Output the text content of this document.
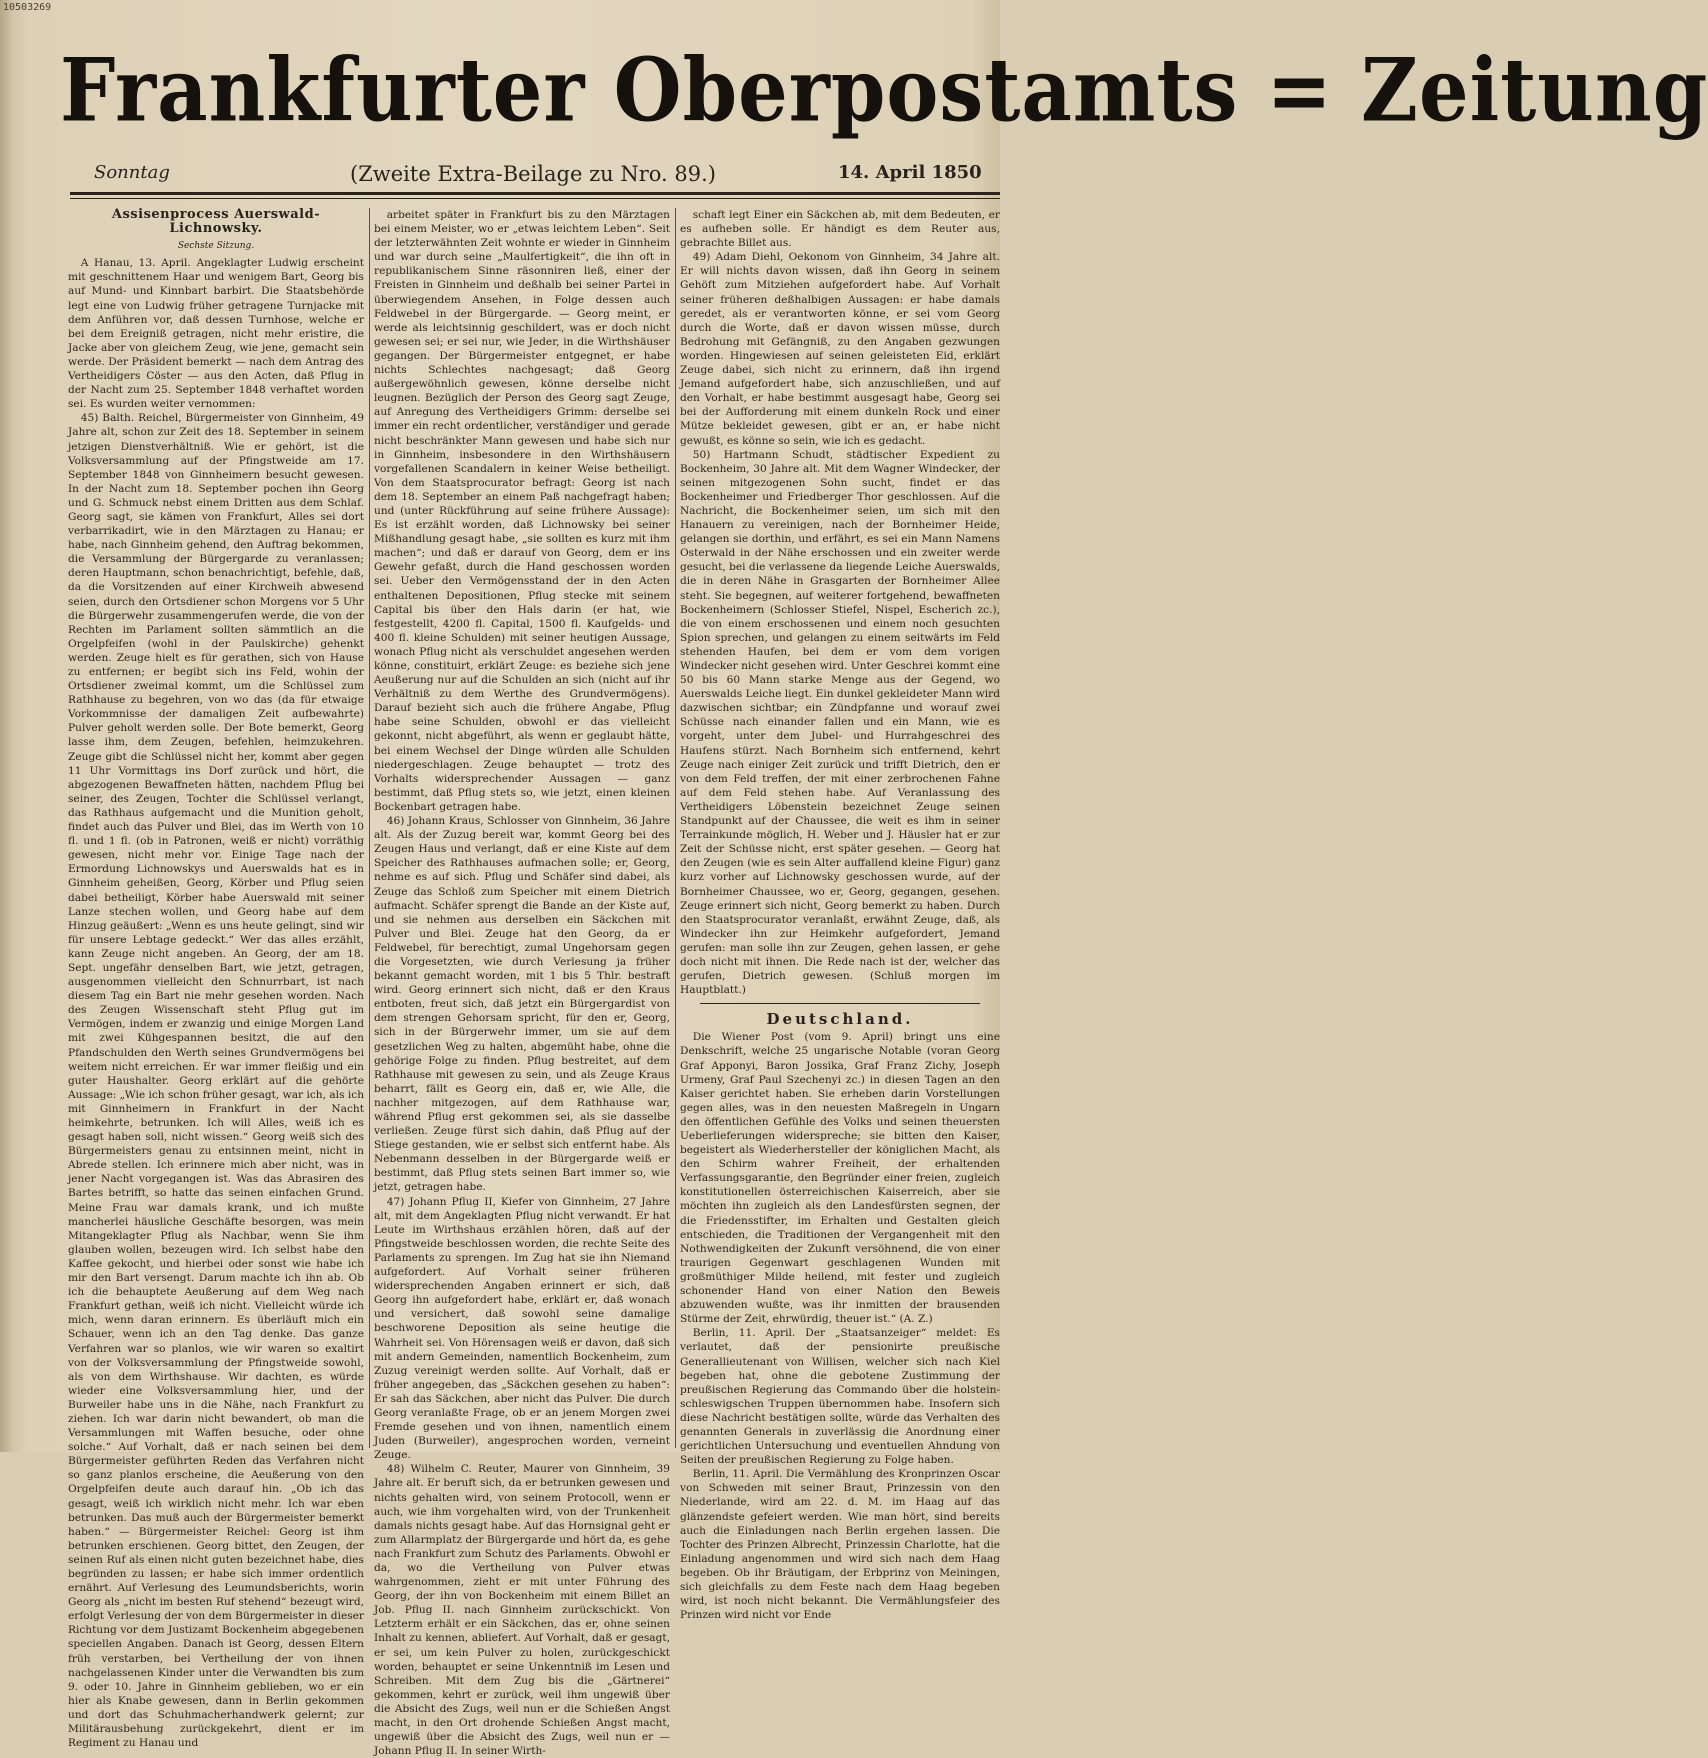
10503269
Frankfurter Oberpostamts = Zeitung
Sonntag	(Zweite Extra-Beilage zu Nro. 89.)	14. April 1850
Assisenprocess Auerswald-Lichnowsky.
Sechste Sitzung.

A Hanau, 13. April. Angeklagter Ludwig erscheint mit geschnittenem Haar und wenigem Bart, Georg bis auf Mund- und Kinnbart barbirt. Die Staatsbehörde legt eine von Ludwig früher getragene Turnjacke mit dem Anführen vor, daß dessen Turnhose, welche er bei dem Ereigniß getragen, nicht mehr eristire, die Jacke aber von gleichem Zeug, wie jene, gemacht sein werde. Der Präsident bemerkt — nach dem Antrag des Vertheidigers Cöster — aus den Acten, daß Pflug in der Nacht zum 25. September 1848 verhaftet worden sei. Es wurden weiter vernommen:

45) Balth. Reichel, Bürgermeister von Ginnheim, 49 Jahre alt, schon zur Zeit des 18. September in seinem jetzigen Dienstverhältniß. Wie er gehört, ist die Volksversammlung auf der Pfingstweide am 17. September 1848 von Ginnheimern besucht gewesen. In der Nacht zum 18. September pochen ihn Georg und G. Schmuck nebst einem Dritten aus dem Schlaf. Georg sagt, sie kämen von Frankfurt, Alles sei dort verbarrikadirt, wie in den Märztagen zu Hanau; er habe, nach Ginnheim gehend, den Auftrag bekommen, die Versammlung der Bürgergarde zu veranlassen; deren Hauptmann, schon benachrichtigt, befehle, daß, da die Vorsitzenden auf einer Kirchweih abwesend seien, durch den Ortsdiener schon Morgens vor 5 Uhr die Bürgerwehr zusammengerufen werde, die von der Rechten im Parlament sollten sämmtlich an die Orgelpfeifen (wohl in der Paulskirche) gehenkt werden. Zeuge hielt es für gerathen, sich von Hause zu entfernen; er begibt sich ins Feld, wohin der Ortsdiener zweimal kommt, um die Schlüssel zum Rathhause zu begehren, von wo das (da für etwaige Vorkommnisse der damaligen Zeit aufbewahrte) Pulver geholt werden solle. Der Bote bemerkt, Georg lasse ihm, dem Zeugen, befehlen, heimzukehren. Zeuge gibt die Schlüssel nicht her, kommt aber gegen 11 Uhr Vormittags ins Dorf zurück und hört, die abgezogenen Bewaffneten hätten, nachdem Pflug bei seiner, des Zeugen, Tochter die Schlüssel verlangt, das Rathhaus aufgemacht und die Munition geholt, findet auch das Pulver und Blei, das im Werth von 10 fl. und 1 fl. (ob in Patronen, weiß er nicht) vorräthig gewesen, nicht mehr vor. Einige Tage nach der Ermordung Lichnowskys und Auerswalds hat es in Ginnheim geheißen, Georg, Körber und Pflug seien dabei betheiligt, Körber habe Auerswald mit seiner Lanze stechen wollen, und Georg habe auf dem Hinzug geäußert: „Wenn es uns heute gelingt, sind wir für unsere Lebtage gedeckt.“ Wer das alles erzählt, kann Zeuge nicht angeben. An Georg, der am 18. Sept. ungefähr denselben Bart, wie jetzt, getragen, ausgenommen vielleicht den Schnurrbart, ist nach diesem Tag ein Bart nie mehr gesehen worden. Nach des Zeugen Wissenschaft steht Pflug gut im Vermögen, indem er zwanzig und einige Morgen Land mit zwei Kühgespannen besitzt, die auf den Pfandschulden den Werth seines Grundvermögens bei weitem nicht erreichen. Er war immer fleißig und ein guter Haushalter. Georg erklärt auf die gehörte Aussage: „Wie ich schon früher gesagt, war ich, als ich mit Ginnheimern in Frankfurt in der Nacht heimkehrte, betrunken. Ich will Alles, weiß ich es gesagt haben soll, nicht wissen.“ Georg weiß sich des Bürgermeisters genau zu entsinnen meint, nicht in Abrede stellen. Ich erinnere mich aber nicht, was in jener Nacht vorgegangen ist. Was das Abrasiren des Bartes betrifft, so hatte das seinen einfachen Grund. Meine Frau war damals krank, und ich mußte mancherlei häusliche Geschäfte besorgen, was mein Mitangeklagter Pflug als Nachbar, wenn Sie ihm glauben wollen, bezeugen wird. Ich selbst habe den Kaffee gekocht, und hierbei oder sonst wie habe ich mir den Bart versengt. Darum machte ich ihn ab. Ob ich die behauptete Aeußerung auf dem Weg nach Frankfurt gethan, weiß ich nicht. Vielleicht würde ich mich, wenn daran erinnern. Es überläuft mich ein Schauer, wenn ich an den Tag denke. Das ganze Verfahren war so planlos, wie wir waren so exaltirt von der Volksversammlung der Pfingstweide sowohl, als von dem Wirthshause. Wir dachten, es würde wieder eine Volksversammlung hier, und der Burweiler habe uns in die Nähe, nach Frankfurt zu ziehen. Ich war darin nicht bewandert, ob man die Versammlungen mit Waffen besuche, oder ohne solche.“ Auf Vorhalt, daß er nach seinen bei dem Bürgermeister geführten Reden das Verfahren nicht so ganz planlos erscheine, die Aeußerung von den Orgelpfeifen deute auch darauf hin. „Ob ich das gesagt, weiß ich wirklich nicht mehr. Ich war eben betrunken. Das muß auch der Bürgermeister bemerkt haben.“ — Bürgermeister Reichel: Georg ist ihm betrunken erschienen. Georg bittet, den Zeugen, der seinen Ruf als einen nicht guten bezeichnet habe, dies begründen zu lassen; er habe sich immer ordentlich ernährt. Auf Verlesung des Leumundsberichts, worin Georg als „nicht im besten Ruf stehend“ bezeugt wird, erfolgt Verlesung der von dem Bürgermeister in dieser Richtung vor dem Justizamt Bockenheim abgegebenen speciellen Angaben. Danach ist Georg, dessen Eltern früh verstarben, bei Vertheilung der von ihnen nachgelassenen Kinder unter die Verwandten bis zum 9. oder 10. Jahre in Ginnheim geblieben, wo er ein hier als Knabe gewesen, dann in Berlin gekommen und dort das Schuhmacherhandwerk gelernt; zur Militärausbehung zurückgekehrt, dient er im Regiment zu Hanau und

arbeitet später in Frankfurt bis zu den Märztagen bei einem Meister, wo er „etwas leichtem Leben“. Seit der letzterwähnten Zeit wohnte er wieder in Ginnheim und war durch seine „Maulfertigkeit“, die ihn oft in republikanischem Sinne räsonniren ließ, einer der Freisten in Ginnheim und deßhalb bei seiner Partei in überwiegendem Ansehen, in Folge dessen auch Feldwebel in der Bürgergarde. — Georg meint, er werde als leichtsinnig geschildert, was er doch nicht gewesen sei; er sei nur, wie Jeder, in die Wirthshäuser gegangen. Der Bürgermeister entgegnet, er habe nichts Schlechtes nachgesagt; daß Georg außergewöhnlich gewesen, könne derselbe nicht leugnen. Bezüglich der Person des Georg sagt Zeuge, auf Anregung des Vertheidigers Grimm: derselbe sei immer ein recht ordentlicher, verständiger und gerade nicht beschränkter Mann gewesen und habe sich nur in Ginnheim, insbesondere in den Wirthshäusern vorgefallenen Scandalern in keiner Weise betheiligt. Von dem Staatsprocurator befragt: Georg ist nach dem 18. September an einem Paß nachgefragt haben; und (unter Rückführung auf seine frühere Aussage): Es ist erzählt worden, daß Lichnowsky bei seiner Mißhandlung gesagt habe, „sie sollten es kurz mit ihm machen“; und daß er darauf von Georg, dem er ins Gewehr gefaßt, durch die Hand geschossen worden sei. Ueber den Vermögensstand der in den Acten enthaltenen Depositionen, Pflug stecke mit seinem Capital bis über den Hals darin (er hat, wie festgestellt, 4200 fl. Capital, 1500 fl. Kaufgelds- und 400 fl. kleine Schulden) mit seiner heutigen Aussage, wonach Pflug nicht als verschuldet angesehen werden könne, constituirt, erklärt Zeuge: es beziehe sich jene Aeußerung nur auf die Schulden an sich (nicht auf ihr Verhältniß zu dem Werthe des Grundvermögens). Darauf bezieht sich auch die frühere Angabe, Pflug habe seine Schulden, obwohl er das vielleicht gekonnt, nicht abgeführt, als wenn er geglaubt hätte, bei einem Wechsel der Dinge würden alle Schulden niedergeschlagen. Zeuge behauptet — trotz des Vorhalts widersprechender Aussagen — ganz bestimmt, daß Pflug stets so, wie jetzt, einen kleinen Bockenbart getragen habe.

46) Johann Kraus, Schlosser von Ginnheim, 36 Jahre alt. Als der Zuzug bereit war, kommt Georg bei des Zeugen Haus und verlangt, daß er eine Kiste auf dem Speicher des Rathhauses aufmachen solle; er, Georg, nehme es auf sich. Pflug und Schäfer sind dabei, als Zeuge das Schloß zum Speicher mit einem Dietrich aufmacht. Schäfer sprengt die Bande an der Kiste auf, und sie nehmen aus derselben ein Säckchen mit Pulver und Blei. Zeuge hat den Georg, da er Feldwebel, für berechtigt, zumal Ungehorsam gegen die Vorgesetzten, wie durch Verlesung ja früher bekannt gemacht worden, mit 1 bis 5 Thlr. bestraft wird. Georg erinnert sich nicht, daß er den Kraus entboten, freut sich, daß jetzt ein Bürgergardist von dem strengen Gehorsam spricht, für den er, Georg, sich in der Bürgerwehr immer, um sie auf dem gesetzlichen Weg zu halten, abgemüht habe, ohne die gehörige Folge zu finden. Pflug bestreitet, auf dem Rathhause mit gewesen zu sein, und als Zeuge Kraus beharrt, fällt es Georg ein, daß er, wie Alle, die nachher mitgezogen, auf dem Rathhause war, während Pflug erst gekommen sei, als sie dasselbe verließen. Zeuge fürst sich dahin, daß Pflug auf der Stiege gestanden, wie er selbst sich entfernt habe. Als Nebenmann desselben in der Bürgergarde weiß er bestimmt, daß Pflug stets seinen Bart immer so, wie jetzt, getragen habe.

47) Johann Pflug II, Kiefer von Ginnheim, 27 Jahre alt, mit dem Angeklagten Pflug nicht verwandt. Er hat Leute im Wirthshaus erzählen hören, daß auf der Pfingstweide beschlossen worden, die rechte Seite des Parlaments zu sprengen. Im Zug hat sie ihn Niemand aufgefordert. Auf Vorhalt seiner früheren widersprechenden Angaben erinnert er sich, daß Georg ihn aufgefordert habe, erklärt er, daß wonach und versichert, daß sowohl seine damalige beschworene Deposition als seine heutige die Wahrheit sei. Von Hörensagen weiß er davon, daß sich mit andern Gemeinden, namentlich Bockenheim, zum Zuzug vereinigt werden sollte. Auf Vorhalt, daß er früher angegeben, das „Säckchen gesehen zu haben“: Er sah das Säckchen, aber nicht das Pulver. Die durch Georg veranlaßte Frage, ob er an jenem Morgen zwei Fremde gesehen und von ihnen, namentlich einem Juden (Burweiler), angesprochen worden, verneint Zeuge.

48) Wilhelm C. Reuter, Maurer von Ginnheim, 39 Jahre alt. Er beruft sich, da er betrunken gewesen und nichts gehalten wird, von seinem Protocoll, wenn er auch, wie ihm vorgehalten wird, von der Trunkenheit damals nichts gesagt habe. Auf das Hornsignal geht er zum Allarmplatz der Bürgergarde und hört da, es gehe nach Frankfurt zum Schutz des Parlaments. Obwohl er da, wo die Vertheilung von Pulver etwas wahrgenommen, zieht er mit unter Führung des Georg, der ihn von Bockenheim mit einem Billet an Job. Pflug II. nach Ginnheim zurückschickt. Von Letzterm erhält er ein Säckchen, das er, ohne seinen Inhalt zu kennen, abliefert. Auf Vorhalt, daß er gesagt, er sei, um kein Pulver zu holen, zurückgeschickt worden, behauptet er seine Unkenntniß im Lesen und Schreiben. Mit dem Zug bis die „Gärtnerei“ gekommen, kehrt er zurück, weil ihm ungewiß über die Absicht des Zugs, weil nun er die Schießen Angst macht, in den Ort drohende Schießen Angst macht, ungewiß über die Absicht des Zugs, weil nun er — Johann Pflug II. In seiner Wirth-

schaft legt Einer ein Säckchen ab, mit dem Bedeuten, er es aufheben solle. Er händigt es dem Reuter aus, gebrachte Billet aus.

49) Adam Diehl, Oekonom von Ginnheim, 34 Jahre alt. Er will nichts davon wissen, daß ihn Georg in seinem Gehöft zum Mitziehen aufgefordert habe. Auf Vorhalt seiner früheren deßhalbigen Aussagen: er habe damals geredet, als er verantworten könne, er sei vom Georg durch die Worte, daß er davon wissen müsse, durch Bedrohung mit Gefängniß, zu den Angaben gezwungen worden. Hingewiesen auf seinen geleisteten Eid, erklärt Zeuge dabei, sich nicht zu erinnern, daß ihn irgend Jemand aufgefordert habe, sich anzuschließen, und auf den Vorhalt, er habe bestimmt ausgesagt habe, Georg sei bei der Aufforderung mit einem dunkeln Rock und einer Mütze bekleidet gewesen, gibt er an, er habe nicht gewußt, es könne so sein, wie ich es gedacht.

50) Hartmann Schudt, städtischer Expedient zu Bockenheim, 30 Jahre alt. Mit dem Wagner Windecker, der seinen mitgezogenen Sohn sucht, findet er das Bockenheimer und Friedberger Thor geschlossen. Auf die Nachricht, die Bockenheimer seien, um sich mit den Hanauern zu vereinigen, nach der Bornheimer Heide, gelangen sie dorthin, und erfährt, es sei ein Mann Namens Osterwald in der Nähe erschossen und ein zweiter werde gesucht, bei die verlassene da liegende Leiche Auerswalds, die in deren Nähe in Grasgarten der Bornheimer Allee steht. Sie begegnen, auf weiterer fortgehend, bewaffneten Bockenheimern (Schlosser Stiefel, Nispel, Escherich zc.), die von einem erschossenen und einem noch gesuchten Spion sprechen, und gelangen zu einem seitwärts im Feld stehenden Haufen, bei dem er vom dem vorigen Windecker nicht gesehen wird. Unter Geschrei kommt eine 50 bis 60 Mann starke Menge aus der Gegend, wo Auerswalds Leiche liegt. Ein dunkel gekleideter Mann wird dazwischen sichtbar; ein Zündpfanne und worauf zwei Schüsse nach einander fallen und ein Mann, wie es vorgeht, unter dem Jubel- und Hurrahgeschrei des Haufens stürzt. Nach Bornheim sich entfernend, kehrt Zeuge nach einiger Zeit zurück und trifft Dietrich, den er von dem Feld treffen, der mit einer zerbrochenen Fahne auf dem Feld stehen habe. Auf Veranlassung des Vertheidigers Löbenstein bezeichnet Zeuge seinen Standpunkt auf der Chaussee, die weit es ihm in seiner Terrainkunde möglich, H. Weber und J. Häusler hat er zur Zeit der Schüsse nicht, erst später gesehen. — Georg hat den Zeugen (wie es sein Alter auffallend kleine Figur) ganz kurz vorher auf Lichnowsky geschossen wurde, auf der Bornheimer Chaussee, wo er, Georg, gegangen, gesehen. Zeuge erinnert sich nicht, Georg bemerkt zu haben. Durch den Staatsprocurator veranlaßt, erwähnt Zeuge, daß, als Windecker ihn zur Heimkehr aufgefordert, Jemand gerufen: man solle ihn zur Zeugen, gehen lassen, er gehe doch nicht mit ihnen. Die Rede nach ist der, welcher das gerufen, Dietrich gewesen. (Schluß morgen im Hauptblatt.)

Deutschland.

Die Wiener Post (vom 9. April) bringt uns eine Denkschrift, welche 25 ungarische Notable (voran Georg Graf Apponyi, Baron Jossika, Graf Franz Zichy, Joseph Urmeny, Graf Paul Szechenyi zc.) in diesen Tagen an den Kaiser gerichtet haben. Sie erheben darin Vorstellungen gegen alles, was in den neuesten Maßregeln in Ungarn den öffentlichen Gefühle des Volks und seinen theuersten Ueberlieferungen widerspreche; sie bitten den Kaiser, begeistert als Wiederhersteller der königlichen Macht, als den Schirm wahrer Freiheit, der erhaltenden Verfassungsgarantie, den Begründer einer freien, zugleich konstitutionellen österreichischen Kaiserreich, aber sie möchten ihn zugleich als den Landesfürsten segnen, der die Friedensstifter, im Erhalten und Gestalten gleich entschieden, die Traditionen der Vergangenheit mit den Nothwendigkeiten der Zukunft versöhnend, die von einer traurigen Gegenwart geschlagenen Wunden mit großmüthiger Milde heilend, mit fester und zugleich schonender Hand von einer Nation den Beweis abzuwenden wußte, was ihr inmitten der brausenden Stürme der Zeit, ehrwürdig, theuer ist.“ (A. Z.)

Berlin, 11. April. Der „Staatsanzeiger“ meldet: Es verlautet, daß der pensionirte preußische Generallieutenant von Willisen, welcher sich nach Kiel begeben hat, ohne die gebotene Zustimmung der preußischen Regierung das Commando über die holstein-schleswigschen Truppen übernommen habe. Insofern sich diese Nachricht bestätigen sollte, würde das Verhalten des genannten Generals in zuverlässig die Anordnung einer gerichtlichen Untersuchung und eventuellen Ahndung von Seiten der preußischen Regierung zu Folge haben.

Berlin, 11. April. Die Vermählung des Kronprinzen Oscar von Schweden mit seiner Braut, Prinzessin von den Niederlande, wird am 22. d. M. im Haag auf das glänzendste gefeiert werden. Wie man hört, sind bereits auch die Einladungen nach Berlin ergehen lassen. Die Tochter des Prinzen Albrecht, Prinzessin Charlotte, hat die Einladung angenommen und wird sich nach dem Haag begeben. Ob ihr Bräutigam, der Erbprinz von Meiningen, sich gleichfalls zu dem Feste nach dem Haag begeben wird, ist noch nicht bekannt. Die Vermählungsfeier des Prinzen wird nicht vor Ende
